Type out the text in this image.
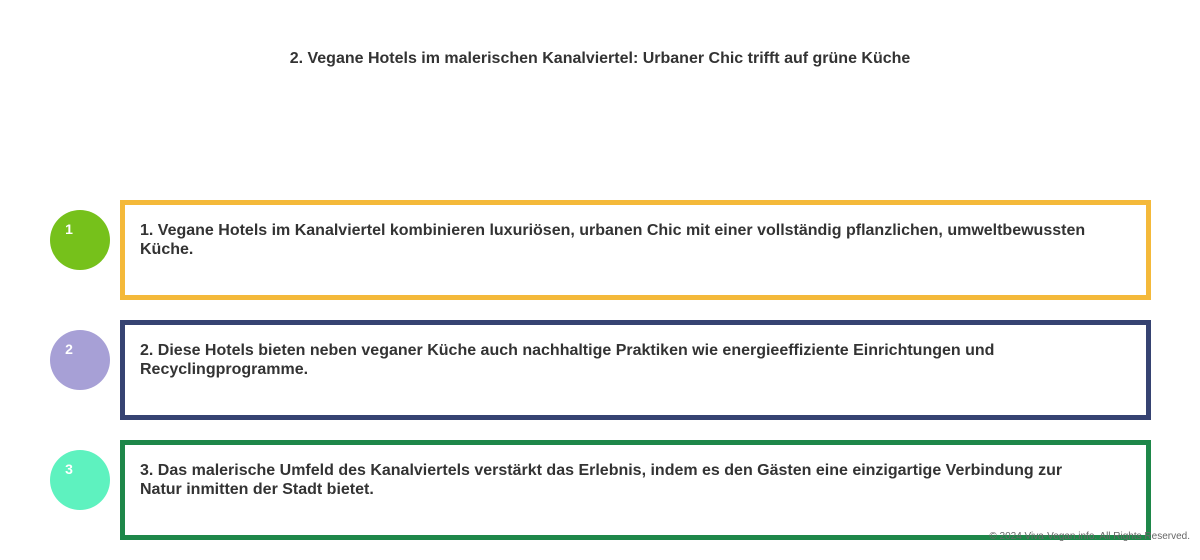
2. Vegane Hotels im malerischen Kanalviertel: Urbaner Chic trifft auf grüne Küche
1	1. Vegane Hotels im Kanalviertel kombinieren luxuriösen, urbanen Chic mit einer vollständig pflanzlichen, umweltbewussten Küche.
2	2. Diese Hotels bieten neben veganer Küche auch nachhaltige Praktiken wie energieeffiziente Einrichtungen und Recyclingprogramme.
3	3. Das malerische Umfeld des Kanalviertels verstärkt das Erlebnis, indem es den Gästen eine einzigartige Verbindung zur Natur inmitten der Stadt bietet.
© 2024 Viva-Vegan.info. All Rights Reserved.
